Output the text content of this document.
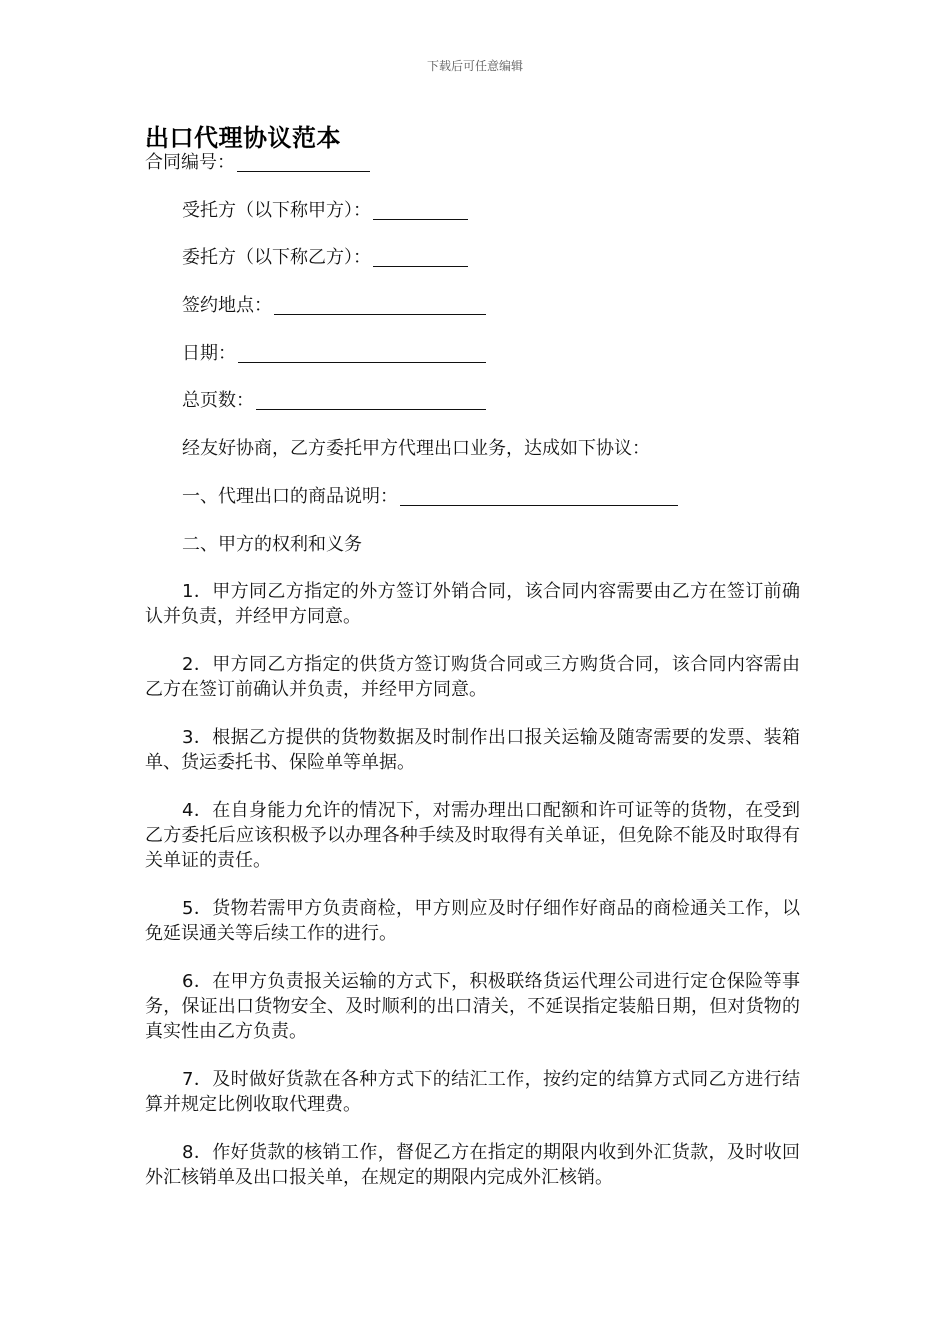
下载后可任意编辑
出口代理协议范本
合同编号：
受托方（以下称甲方）：
委托方（以下称乙方）：
签约地点：
日期：
总页数：
经友好协商，乙方委托甲方代理出口业务，达成如下协议：
一、代理出口的商品说明：
二、甲方的权利和义务

1．甲方同乙方指定的外方签订外销合同，该合同内容需要由乙方在签订前确认并负责，并经甲方同意。

2．甲方同乙方指定的供货方签订购货合同或三方购货合同，该合同内容需由乙方在签订前确认并负责，并经甲方同意。

3．根据乙方提供的货物数据及时制作出口报关运输及随寄需要的发票、装箱单、货运委托书、保险单等单据。

4．在自身能力允许的情况下，对需办理出口配额和许可证等的货物，在受到乙方委托后应该积极予以办理各种手续及时取得有关单证，但免除不能及时取得有关单证的责任。

5．货物若需甲方负责商检，甲方则应及时仔细作好商品的商检通关工作，以免延误通关等后续工作的进行。

6．在甲方负责报关运输的方式下，积极联络货运代理公司进行定仓保险等事务，保证出口货物安全、及时顺利的出口清关，不延误指定装船日期，但对货物的真实性由乙方负责。

7．及时做好货款在各种方式下的结汇工作，按约定的结算方式同乙方进行结算并规定比例收取代理费。

8．作好货款的核销工作，督促乙方在指定的期限内收到外汇货款，及时收回外汇核销单及出口报关单，在规定的期限内完成外汇核销。
